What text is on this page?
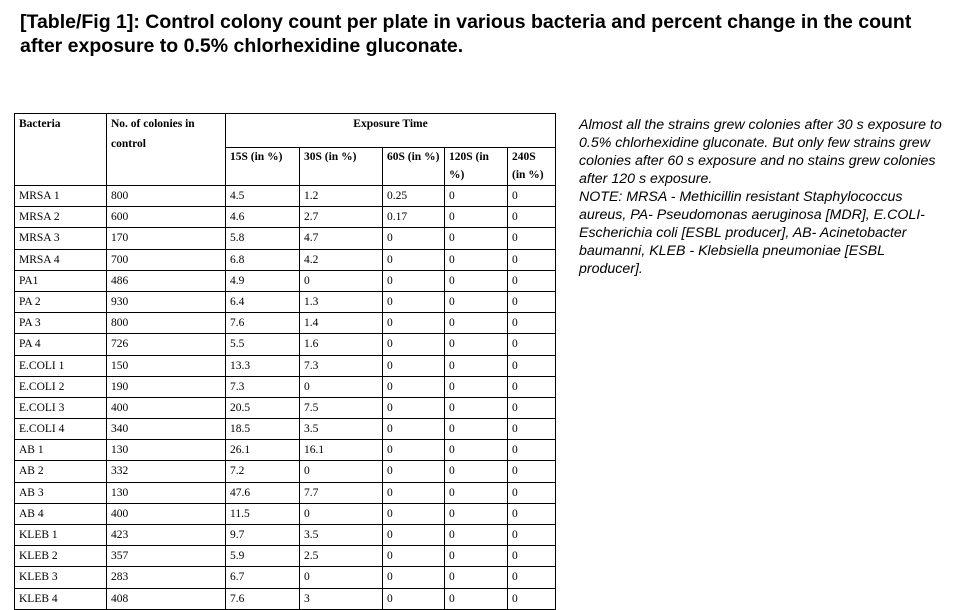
[Table/Fig 1]: Control colony count per plate in various bacteria and percent change in the count after exposure to 0.5% chlorhexidine gluconate.
Bacteria	No. of colonies in control	Exposure Time				
		15S (in %)	30S (in %)	60S (in %)	120S (in %)	240S (in %)
MRSA 1	800	4.5	1.2	0.25	0	0
MRSA 2	600	4.6	2.7	0.17	0	0
MRSA 3	170	5.8	4.7	0	0	0
MRSA 4	700	6.8	4.2	0	0	0
PA1	486	4.9	0	0	0	0
PA 2	930	6.4	1.3	0	0	0
PA 3	800	7.6	1.4	0	0	0
PA 4	726	5.5	1.6	0	0	0
E.COLI 1	150	13.3	7.3	0	0	0
E.COLI 2	190	7.3	0	0	0	0
E.COLI 3	400	20.5	7.5	0	0	0
E.COLI 4	340	18.5	3.5	0	0	0
AB 1	130	26.1	16.1	0	0	0
AB 2	332	7.2	0	0	0	0
AB 3	130	47.6	7.7	0	0	0
AB 4	400	11.5	0	0	0	0
KLEB 1	423	9.7	3.5	0	0	0
KLEB 2	357	5.9	2.5	0	0	0
KLEB 3	283	6.7	0	0	0	0
KLEB 4	408	7.6	3	0	0	0

Almost all the strains grew colonies after 30 s exposure to 0.5% chlorhexidine gluconate. But only few strains grew colonies after 60 s exposure and no stains grew colonies after 120 s exposure.

NOTE: MRSA - Methicillin resistant Staphylococcus aureus, PA- Pseudomonas aeruginosa [MDR], E.COLI- Escherichia coli [ESBL producer], AB- Acinetobacter baumanni, KLEB - Klebsiella pneumoniae [ESBL producer].
